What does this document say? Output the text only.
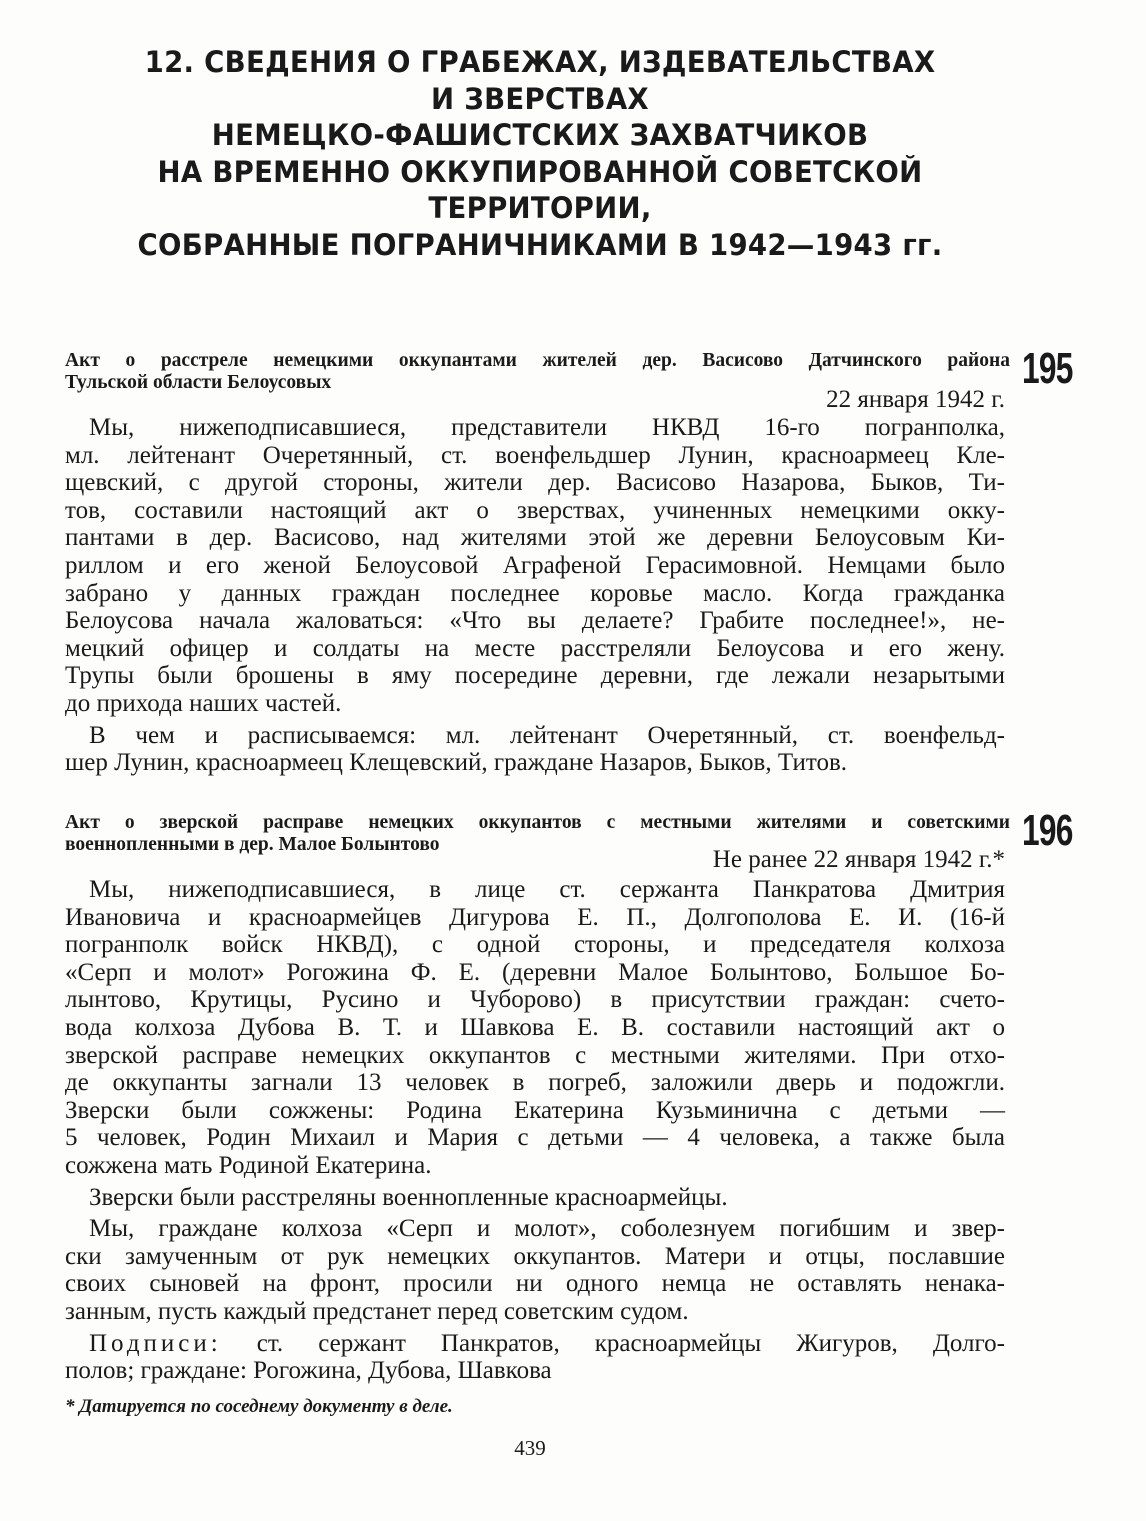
12. СВЕДЕНИЯ О ГРАБЕЖАХ, ИЗДЕВАТЕЛЬСТВАХ
И ЗВЕРСТВАХ
НЕМЕЦКО-ФАШИСТСКИХ ЗАХВАТЧИКОВ
НА ВРЕМЕННО ОККУПИРОВАННОЙ СОВЕТСКОЙ
ТЕРРИТОРИИ,
СОБРАННЫЕ ПОГРАНИЧНИКАМИ В 1942—1943 гг.
Акт о расстреле немецкими оккупантами жителей дер. Васисово Датчинского района
Тульской области Белоусовых	195
22 января 1942 г.
Мы, нижеподписавшиеся, представители НКВД 16-го погранполка,
мл. лейтенант Очеретянный, ст. военфельдшер Лунин, красноармеец Кле-
щевский, с другой стороны, жители дер. Васисово Назарова, Быков, Ти-
тов, составили настоящий акт о зверствах, учиненных немецкими окку-
пантами в дер. Васисово, над жителями этой же деревни Белоусовым Ки-
риллом и его женой Белоусовой Аграфеной Герасимовной. Немцами было
забрано у данных граждан последнее коровье масло. Когда гражданка
Белоусова начала жаловаться: «Что вы делаете? Грабите последнее!», не-
мецкий офицер и солдаты на месте расстреляли Белоусова и его жену.
Трупы были брошены в яму посередине деревни, где лежали незарытыми
до прихода наших частей.
В чем и расписываемся: мл. лейтенант Очеретянный, ст. военфельд-
шер Лунин, красноармеец Клещевский, граждане Назаров, Быков, Титов.
Акт о зверской расправе немецких оккупантов с местными жителями и советскими
военнопленными в дер. Малое Болынтово	196
Не ранее 22 января 1942 г.*
Мы, нижеподписавшиеся, в лице ст. сержанта Панкратова Дмитрия
Ивановича и красноармейцев Дигурова Е. П., Долгополова Е. И. (16-й
погранполк войск НКВД), с одной стороны, и председателя колхоза
«Серп и молот» Рогожина Ф. Е. (деревни Малое Болынтово, Большое Бо-
лынтово, Крутицы, Русино и Чуборово) в присутствии граждан: счето-
вода колхоза Дубова В. Т. и Шавкова Е. В. составили настоящий акт о
зверской расправе немецких оккупантов с местными жителями. При отхо-
де оккупанты загнали 13 человек в погреб, заложили дверь и подожгли.
Зверски были сожжены: Родина Екатерина Кузьминична с детьми —
5 человек, Родин Михаил и Мария с детьми — 4 человека, а также была
сожжена мать Родиной Екатерина.
Зверски были расстреляны военнопленные красноармейцы.
Мы, граждане колхоза «Серп и молот», соболезнуем погибшим и звер-
ски замученным от рук немецких оккупантов. Матери и отцы, пославшие
своих сыновей на фронт, просили ни одного немца не оставлять ненака-
занным, пусть каждый предстанет перед советским судом.
Подписи: ст. сержант Панкратов, красноармейцы Жигуров, Долго-
полов; граждане: Рогожина, Дубова, Шавкова
* Датируется по соседнему документу в деле.
439
